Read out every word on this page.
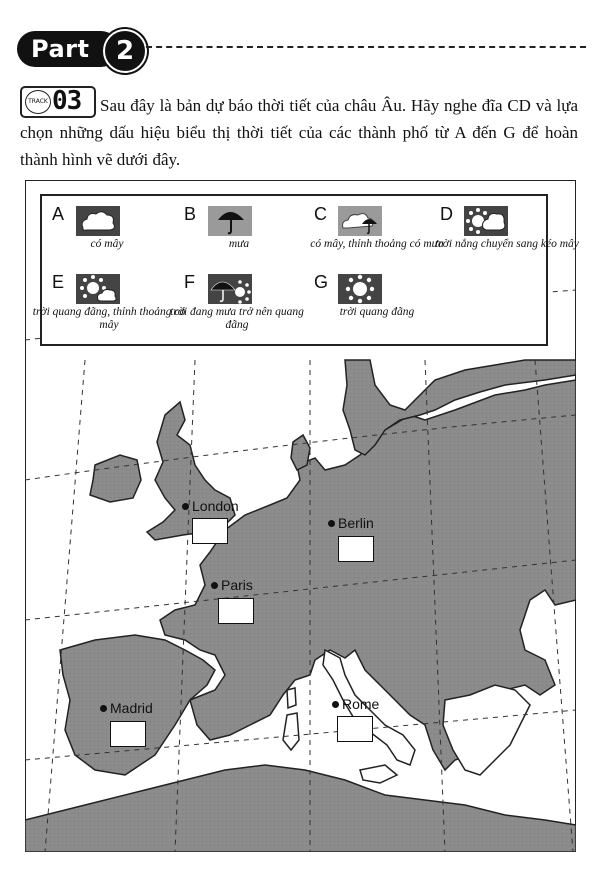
Part	2
TRACK 03	Sau đây là bản dự báo thời tiết của châu Âu. Hãy nghe đĩa CD và lựa chọn những dấu hiệu biểu thị thời tiết của các thành phố từ A đến G để hoàn thành hình vẽ dưới đây.
A
có mây
B
mưa
C
có mây, thỉnh thoảng có mưa
D
trời nắng chuyển sang kéo mây
E
trời quang đãng, thỉnh thoảng có mây
F
trời đang mưa trở nên quang đãng
G
trời quang đãng
London
Berlin
Paris
Madrid	Rome
